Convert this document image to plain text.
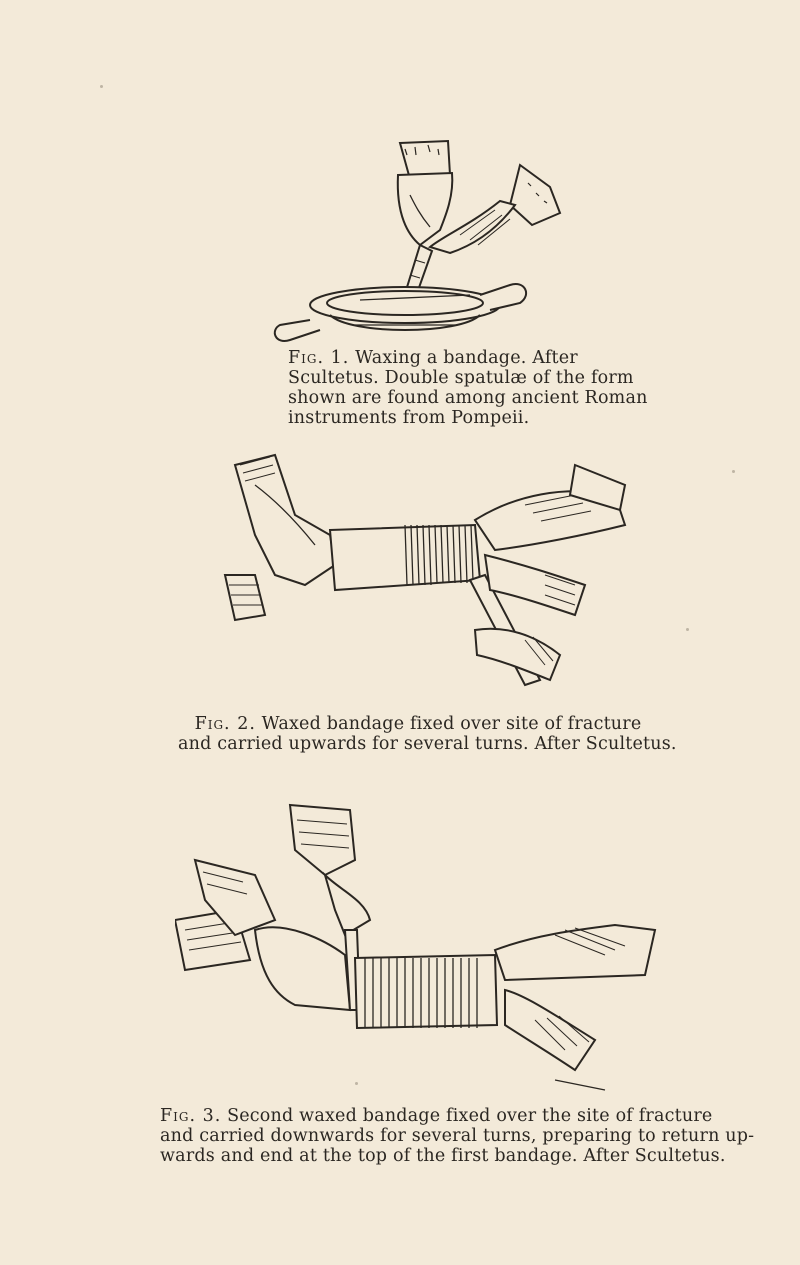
Fig. 1. Waxing a bandage. After
Scultetus. Double spatulæ of the form
shown are found among ancient Roman
instruments from Pompeii.
Fig. 2. Waxed bandage fixed over site of fracture
and carried upwards for several turns. After Scultetus.
Fig. 3. Second waxed bandage fixed over the site of fracture
and carried downwards for several turns, preparing to return up-
wards and end at the top of the first bandage. After Scultetus.
